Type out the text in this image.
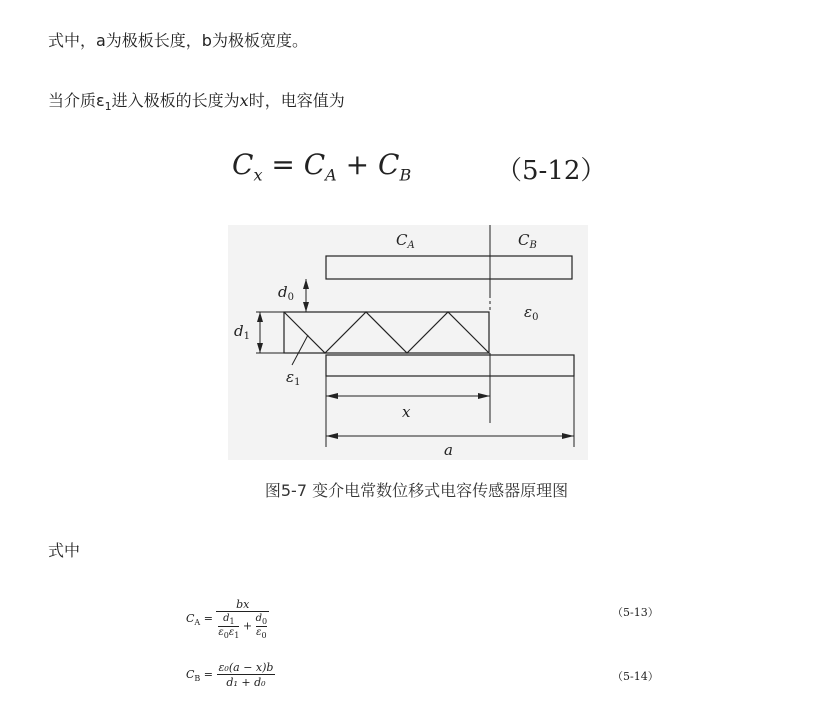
式中，a为极板长度，b为极板宽度。
当介质$\varepsilon_1$进入极板的长度为x时，电容值为
$C_x = C_A + C_B$	（5-12）
$C_A$	$C_B$
$d_0$
$d_1$
$\varepsilon_0$
$\varepsilon_1$
x
a
图5-7 变介电常数位移式电容传感器原理图
式中
$C_A = \frac{bx}{\frac{d_1}{\varepsilon_0\varepsilon_1} + \frac{d_0}{\varepsilon_0}}$	（5-13）
$C_B = \frac{\text{ε₀(a − x)b}}{\text{d₁ + d₀}}$	（5-14）
